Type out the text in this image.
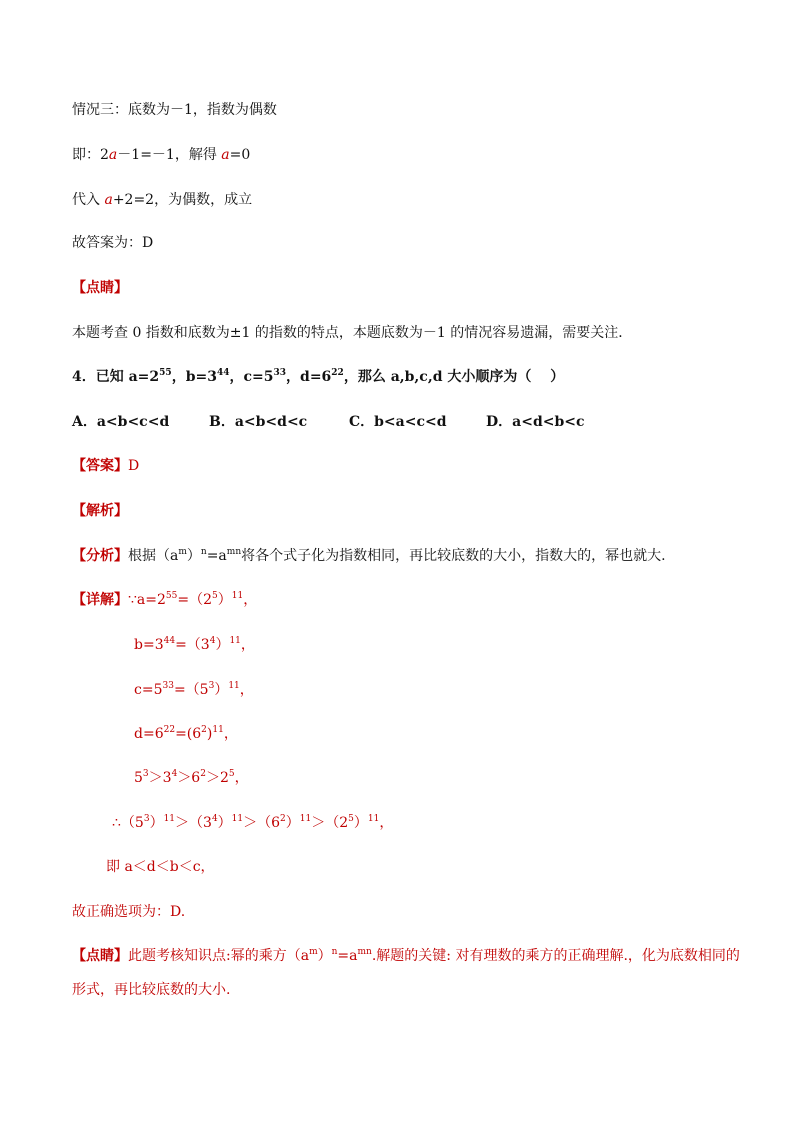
情况三：底数为－1，指数为偶数
即：2a－1=－1，解得 a=0
代入 a+2=2，为偶数，成立
故答案为：D
【点睛】
本题考查 0 指数和底数为±1 的指数的特点，本题底数为－1 的情况容易遗漏，需要关注．
4．已知 $a=2^{55}$，$b=3^{44}$，$c=5^{33}$，$d=6^{22}$，那么 a,b,c,d 大小顺序为（　 ）
A．a<b<c<d	B．a<b<d<c	C．b<a<c<d	D．a<d<b<c
【答案】D
【解析】
【分析】根据$(a^m)^n=a^{mn}$将各个式子化为指数相同，再比较底数的大小，指数大的，幂也就大.
【详解】$\because a=2^{55}=(2^5)^{11}$，
$b=3^{44}=(3^4)^{11}$，
$c=5^{33}=(5^3)^{11}$，
$d=6^{22}=(6^2)^{11}$，
$5^3>3^4>6^2>2^5$，
$\therefore(5^3)^{11}>(3^4)^{11}>(6^2)^{11}>(2^5)^{11}$，
即 a＜d＜b＜c，
故正确选项为：D.
【点睛】此题考核知识点:幂的乘方$(a^m)^n=a^{mn}$.解题的关键: 对有理数的乘方的正确理解.，化为底数相同的
形式，再比较底数的大小.
